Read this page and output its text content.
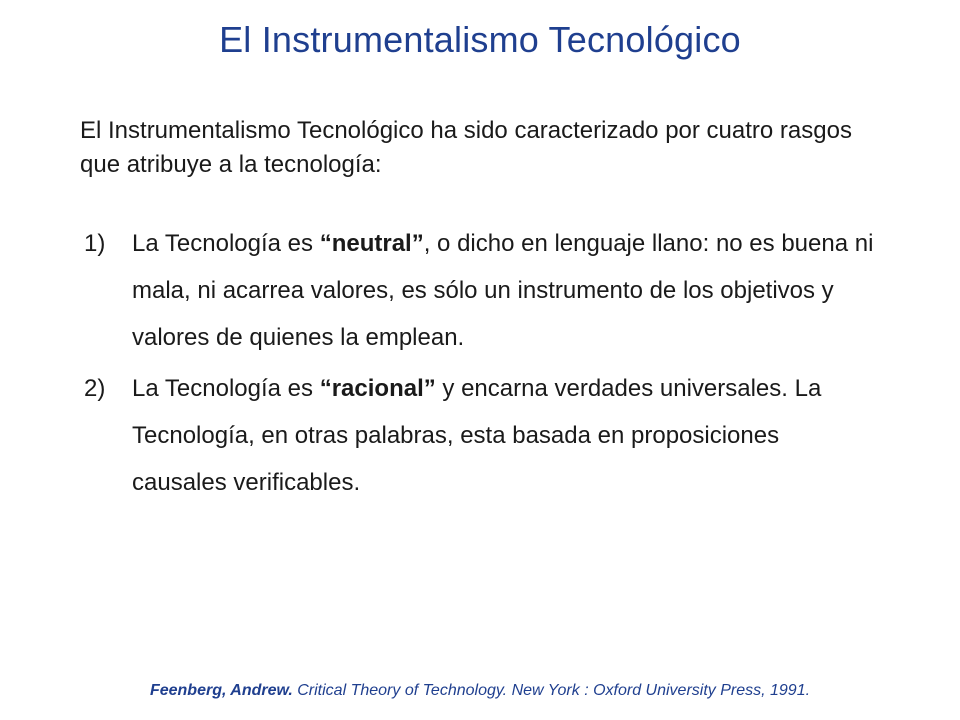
El Instrumentalismo Tecnológico
El Instrumentalismo Tecnológico ha sido caracterizado por cuatro rasgos que atribuye a la tecnología:
1) La Tecnología es “neutral”, o dicho en lenguaje llano: no es buena ni mala, ni acarrea valores, es sólo un instrumento de los objetivos y valores de quienes la emplean.
2) La Tecnología es “racional” y encarna verdades universales. La Tecnología, en otras palabras, esta basada en proposiciones causales verificables.
Feenberg, Andrew. Critical Theory of Technology. New York : Oxford University Press, 1991.
